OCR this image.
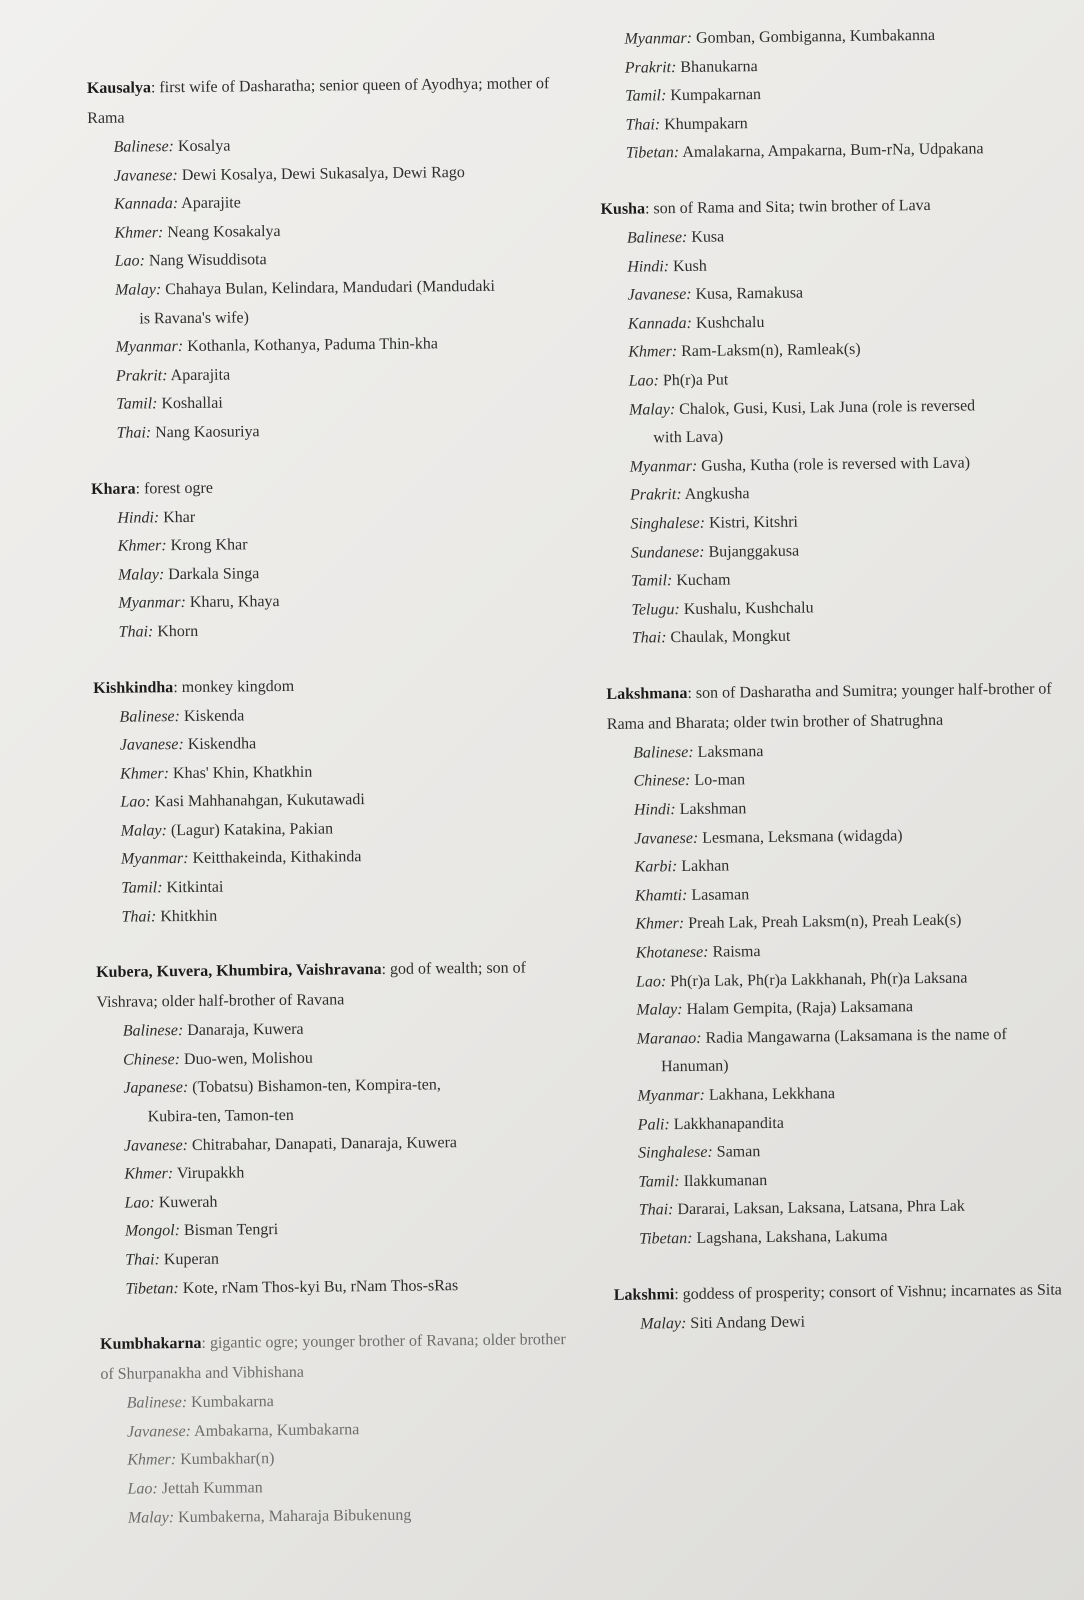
Kausalya: first wife of Dasharatha; senior queen of Ayodhya; mother of Rama

Balinese: Kosalya
Javanese: Dewi Kosalya, Dewi Sukasalya, Dewi Rago
Kannada: Aparajite
Khmer: Neang Kosakalya
Lao: Nang Wisuddisota
Malay: Chahaya Bulan, Kelindara, Mandudari (Mandudaki
is Ravana's wife)
Myanmar: Kothanla, Kothanya, Paduma Thin-kha
Prakrit: Aparajita
Tamil: Koshallai
Thai: Nang Kaosuriya

Khara: forest ogre

Hindi: Khar
Khmer: Krong Khar
Malay: Darkala Singa
Myanmar: Kharu, Khaya
Thai: Khorn

Kishkindha: monkey kingdom

Balinese: Kiskenda
Javanese: Kiskendha
Khmer: Khas' Khin, Khatkhin
Lao: Kasi Mahhanahgan, Kukutawadi
Malay: (Lagur) Katakina, Pakian
Myanmar: Keitthakeinda, Kithakinda
Tamil: Kitkintai
Thai: Khitkhin

Kubera, Kuvera, Khumbira, Vaishravana: god of wealth; son of Vishrava; older half-brother of Ravana

Balinese: Danaraja, Kuwera
Chinese: Duo-wen, Molishou
Japanese: (Tobatsu) Bishamon-ten, Kompira-ten,
Kubira-ten, Tamon-ten
Javanese: Chitrabahar, Danapati, Danaraja, Kuwera
Khmer: Virupakkh
Lao: Kuwerah
Mongol: Bisman Tengri
Thai: Kuperan
Tibetan: Kote, rNam Thos-kyi Bu, rNam Thos-sRas

Kumbhakarna: gigantic ogre; younger brother of Ravana; older brother of Shurpanakha and Vibhishana

Balinese: Kumbakarna
Javanese: Ambakarna, Kumbakarna
Khmer: Kumbakhar(n)
Lao: Jettah Kumman
Malay: Kumbakerna, Maharaja Bibukenung
Myanmar: Gomban, Gombiganna, Kumbakanna
Prakrit: Bhanukarna
Tamil: Kumpakarnan
Thai: Khumpakarn
Tibetan: Amalakarna, Ampakarna, Bum-rNa, Udpakana

Kusha: son of Rama and Sita; twin brother of Lava

Balinese: Kusa
Hindi: Kush
Javanese: Kusa, Ramakusa
Kannada: Kushchalu
Khmer: Ram-Laksm(n), Ramleak(s)
Lao: Ph(r)a Put
Malay: Chalok, Gusi, Kusi, Lak Juna (role is reversed
with Lava)
Myanmar: Gusha, Kutha (role is reversed with Lava)
Prakrit: Angkusha
Singhalese: Kistri, Kitshri
Sundanese: Bujanggakusa
Tamil: Kucham
Telugu: Kushalu, Kushchalu
Thai: Chaulak, Mongkut

Lakshmana: son of Dasharatha and Sumitra; younger half-brother of Rama and Bharata; older twin brother of Shatrughna

Balinese: Laksmana
Chinese: Lo-man
Hindi: Lakshman
Javanese: Lesmana, Leksmana (widagda)
Karbi: Lakhan
Khamti: Lasaman
Khmer: Preah Lak, Preah Laksm(n), Preah Leak(s)
Khotanese: Raisma
Lao: Ph(r)a Lak, Ph(r)a Lakkhanah, Ph(r)a Laksana
Malay: Halam Gempita, (Raja) Laksamana
Maranao: Radia Mangawarna (Laksamana is the name of
Hanuman)
Myanmar: Lakhana, Lekkhana
Pali: Lakkhanapandita
Singhalese: Saman
Tamil: Ilakkumanan
Thai: Dararai, Laksan, Laksana, Latsana, Phra Lak
Tibetan: Lagshana, Lakshana, Lakuma

Lakshmi: goddess of prosperity; consort of Vishnu; incarnates as Sita

Malay: Siti Andang Dewi
